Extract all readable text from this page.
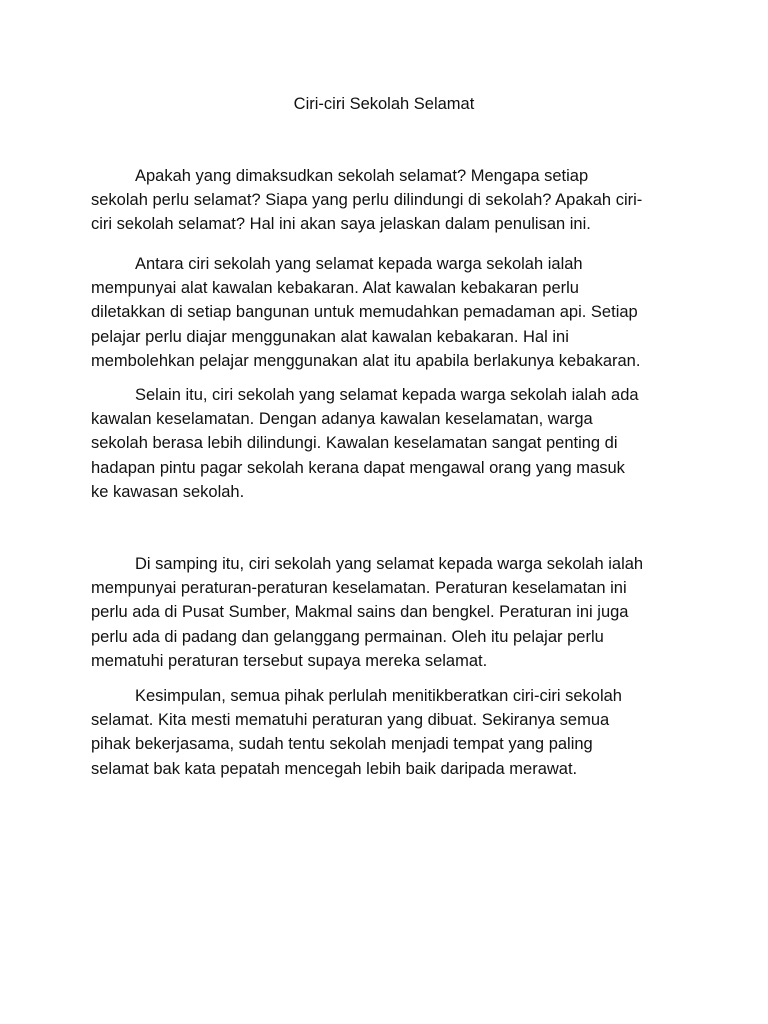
Ciri-ciri Sekolah Selamat

Apakah yang dimaksudkan sekolah selamat? Mengapa setiap
sekolah perlu selamat? Siapa yang perlu dilindungi di sekolah? Apakah ciri-
ciri sekolah selamat? Hal ini akan saya jelaskan dalam penulisan ini.

Antara ciri sekolah yang selamat kepada warga sekolah ialah
mempunyai alat kawalan kebakaran. Alat kawalan kebakaran perlu
diletakkan di setiap bangunan untuk memudahkan pemadaman api. Setiap
pelajar perlu diajar menggunakan alat kawalan kebakaran. Hal ini
membolehkan pelajar menggunakan alat itu apabila berlakunya kebakaran.

Selain itu, ciri sekolah yang selamat kepada warga sekolah ialah ada
kawalan keselamatan. Dengan adanya kawalan keselamatan, warga
sekolah berasa lebih dilindungi. Kawalan keselamatan sangat penting di
hadapan pintu pagar sekolah kerana dapat mengawal orang yang masuk
ke kawasan sekolah.

Di samping itu, ciri sekolah yang selamat kepada warga sekolah ialah
mempunyai peraturan-peraturan keselamatan. Peraturan keselamatan ini
perlu ada di Pusat Sumber, Makmal sains dan bengkel. Peraturan ini juga
perlu ada di padang dan gelanggang permainan. Oleh itu pelajar perlu
mematuhi peraturan tersebut supaya mereka selamat.

Kesimpulan, semua pihak perlulah menitikberatkan ciri-ciri sekolah
selamat. Kita mesti mematuhi peraturan yang dibuat. Sekiranya semua
pihak bekerjasama, sudah tentu sekolah menjadi tempat yang paling
selamat bak kata pepatah mencegah lebih baik daripada merawat.
